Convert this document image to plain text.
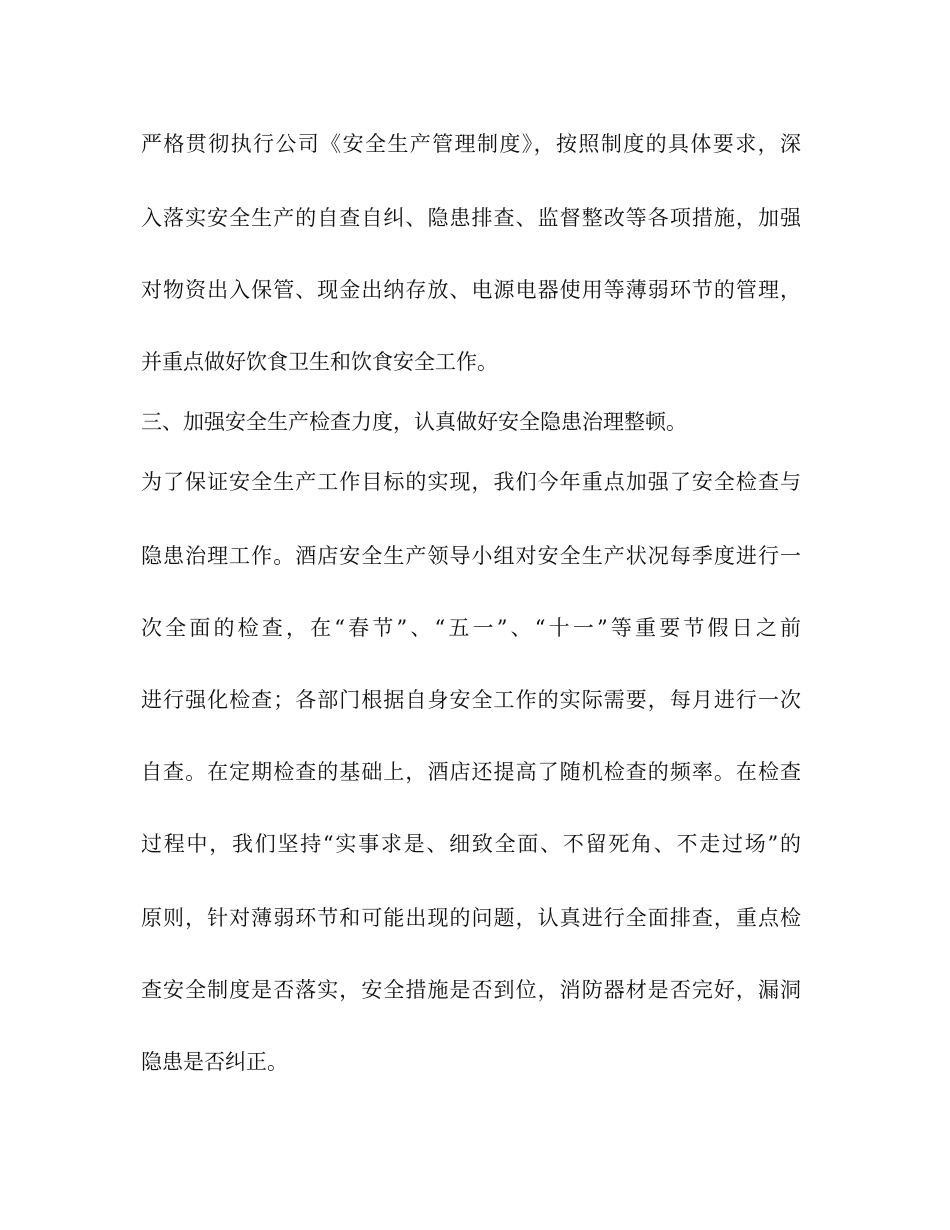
严格贯彻执行公司《安全生产管理制度》，按照制度的具体要求，深
入落实安全生产的自查自纠、隐患排查、监督整改等各项措施，加强
对物资出入保管、现金出纳存放、电源电器使用等薄弱环节的管理，
并重点做好饮食卫生和饮食安全工作。
三、加强安全生产检查力度，认真做好安全隐患治理整顿。
为了保证安全生产工作目标的实现，我们今年重点加强了安全检查与
隐患治理工作。酒店安全生产领导小组对安全生产状况每季度进行一
次全面的检查，在“春节”、“五一”、“十一”等重要节假日之前
进行强化检查；各部门根据自身安全工作的实际需要，每月进行一次
自查。在定期检查的基础上，酒店还提高了随机检查的频率。在检查
过程中，我们坚持“实事求是、细致全面、不留死角、不走过场”的
原则，针对薄弱环节和可能出现的问题，认真进行全面排查，重点检
查安全制度是否落实，安全措施是否到位，消防器材是否完好，漏洞
隐患是否纠正。
